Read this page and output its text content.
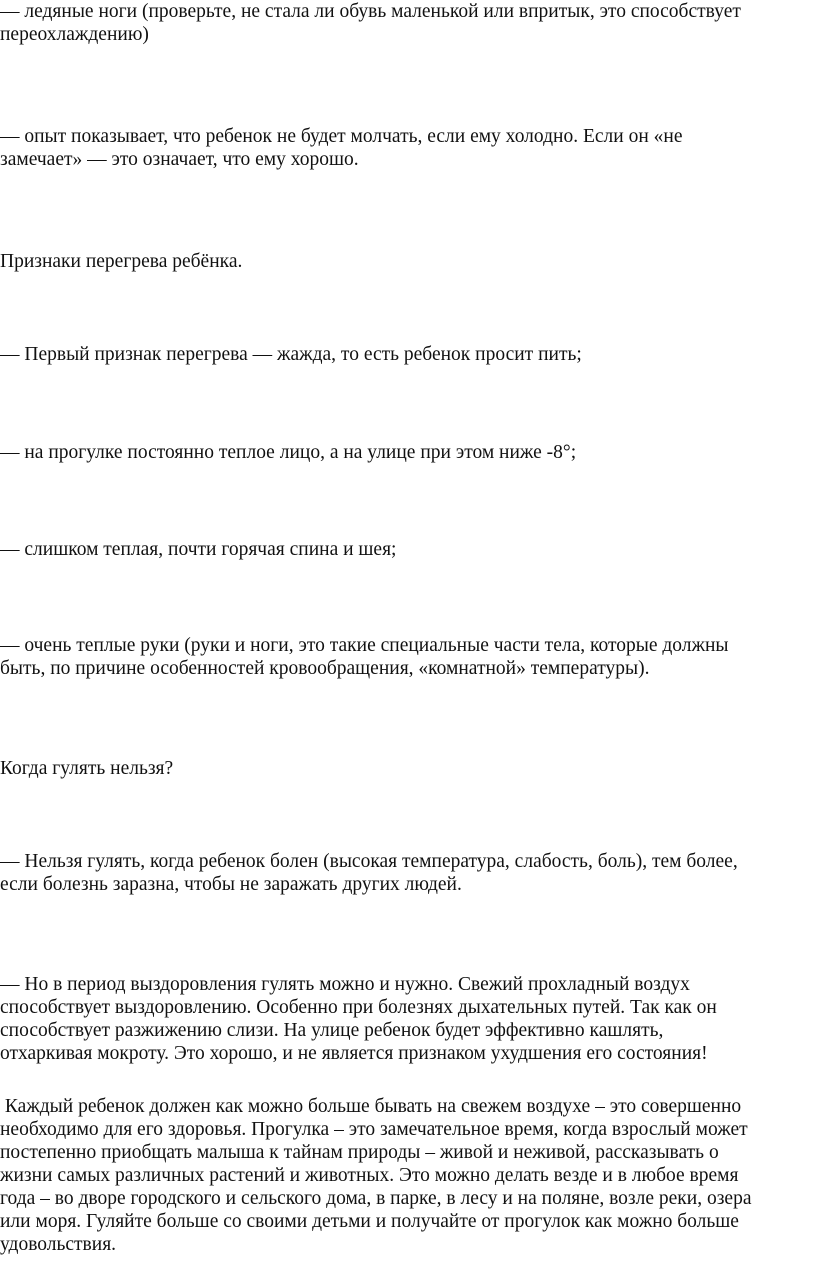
— ледяные ноги (проверьте, не стала ли обувь маленькой или впритык, это способствует
переохлаждению)

— опыт показывает, что ребенок не будет молчать, если ему холодно. Если он «не
замечает» — это означает, что ему хорошо.

Признаки перегрева ребёнка.

— Первый признак перегрева — жажда, то есть ребенок просит пить;

— на прогулке постоянно теплое лицо, а на улице при этом ниже -8°;

— слишком теплая, почти горячая спина и шея;

— очень теплые руки (руки и ноги, это такие специальные части тела, которые должны
быть, по причине особенностей кровообращения, «комнатной» температуры).

Когда гулять нельзя?

— Нельзя гулять, когда ребенок болен (высокая температура, слабость, боль), тем более,
если болезнь заразна, чтобы не заражать других людей.

— Но в период выздоровления гулять можно и нужно. Свежий прохладный воздух
способствует выздоровлению. Особенно при болезнях дыхательных путей. Так как он
способствует разжижению слизи. На улице ребенок будет эффективно кашлять,
отхаркивая мокроту. Это хорошо, и не является признаком ухудшения его состояния!

Каждый ребенок должен как можно больше бывать на свежем воздухе – это совершенно
необходимо для его здоровья. Прогулка – это замечательное время, когда взрослый может
постепенно приобщать малыша к тайнам природы – живой и неживой, рассказывать о
жизни самых различных растений и животных. Это можно делать везде и в любое время
года – во дворе городского и сельского дома, в парке, в лесу и на поляне, возле реки, озера
или моря. Гуляйте больше со своими детьми и получайте от прогулок как можно больше
удовольствия.
